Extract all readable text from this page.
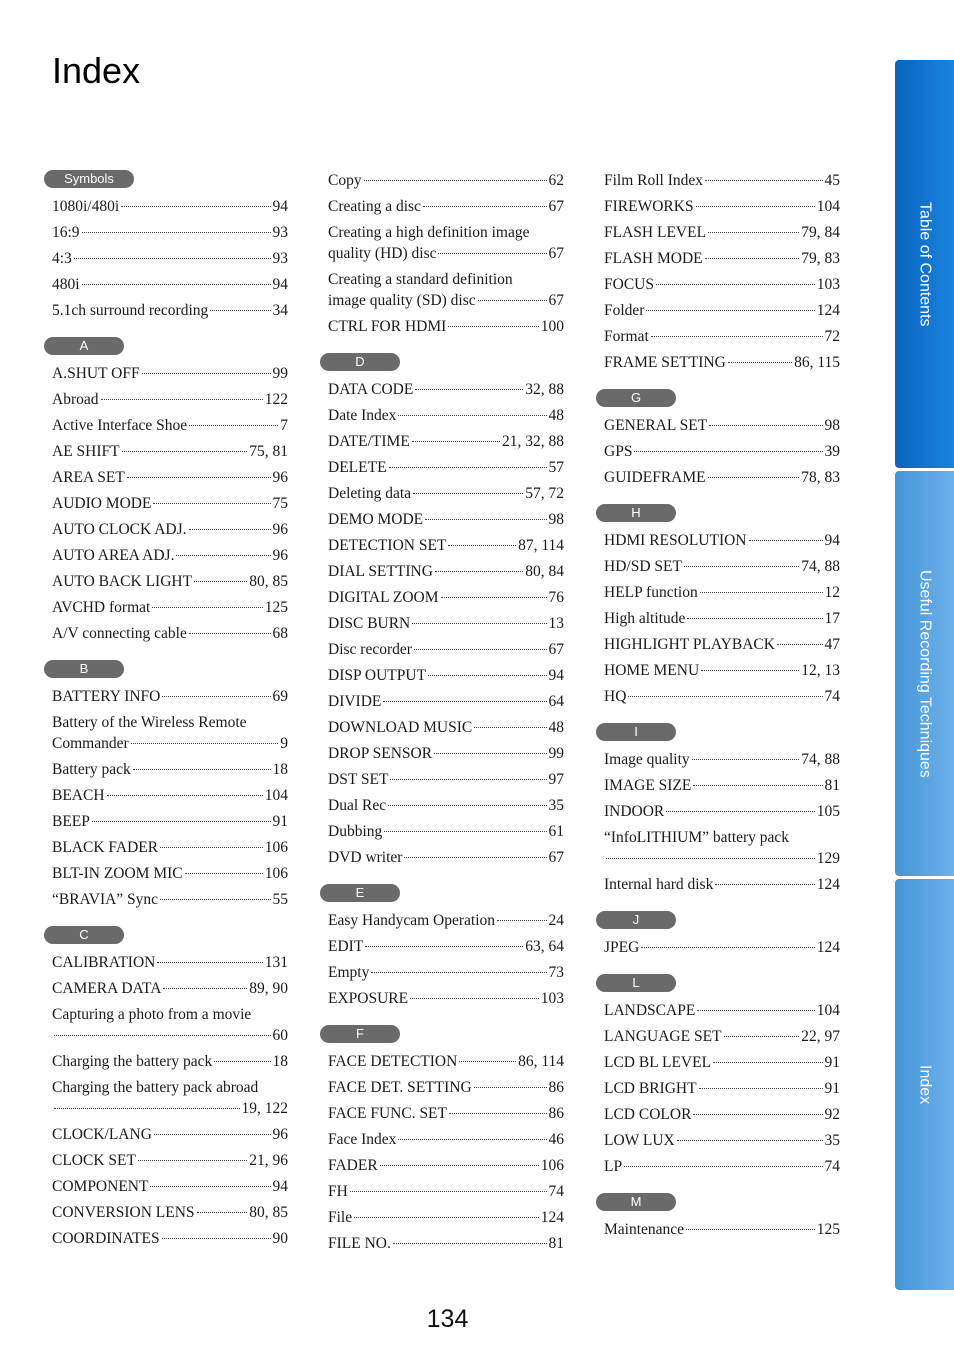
Index
Symbols
1080i/480i	94
16:9	93
4:3	93
480i	94
5.1ch surround recording	34
A
A.SHUT OFF	99
Abroad	122
Active Interface Shoe	7
AE SHIFT	75, 81
AREA SET	96
AUDIO MODE	75
AUTO CLOCK ADJ.	96
AUTO AREA ADJ.	96
AUTO BACK LIGHT	80, 85
AVCHD format	125
A/V connecting cable	68
B
BATTERY INFO	69
Battery of the Wireless Remote
Commander	9
Battery pack	18
BEACH	104
BEEP	91
BLACK FADER	106
BLT-IN ZOOM MIC	106
“BRAVIA” Sync	55
C
CALIBRATION	131
CAMERA DATA	89, 90
Capturing a photo from a movie
60
Charging the battery pack	18
Charging the battery pack abroad
19, 122
CLOCK/LANG	96
CLOCK SET	21, 96
COMPONENT	94
CONVERSION LENS	80, 85
COORDINATES	90
Copy	62
Creating a disc	67
Creating a high definition image
quality (HD) disc	67
Creating a standard definition
image quality (SD) disc	67
CTRL FOR HDMI	100
D
DATA CODE	32, 88
Date Index	48
DATE/TIME	21, 32, 88
DELETE	57
Deleting data	57, 72
DEMO MODE	98
DETECTION SET	87, 114
DIAL SETTING	80, 84
DIGITAL ZOOM	76
DISC BURN	13
Disc recorder	67
DISP OUTPUT	94
DIVIDE	64
DOWNLOAD MUSIC	48
DROP SENSOR	99
DST SET	97
Dual Rec	35
Dubbing	61
DVD writer	67
E
Easy Handycam Operation	24
EDIT	63, 64
Empty	73
EXPOSURE	103
F
FACE DETECTION	86, 114
FACE DET. SETTING	86
FACE FUNC. SET	86
Face Index	46
FADER	106
FH	74
File	124
FILE NO.	81
Film Roll Index	45
FIREWORKS	104
FLASH LEVEL	79, 84
FLASH MODE	79, 83
FOCUS	103
Folder	124
Format	72
FRAME SETTING	86, 115
G
GENERAL SET	98
GPS	39
GUIDEFRAME	78, 83
H
HDMI RESOLUTION	94
HD/SD SET	74, 88
HELP function	12
High altitude	17
HIGHLIGHT PLAYBACK	47
HOME MENU	12, 13
HQ	74
I
Image quality	74, 88
IMAGE SIZE	81
INDOOR	105
“InfoLITHIUM” battery pack
129
Internal hard disk	124
J
JPEG	124
L
LANDSCAPE	104
LANGUAGE SET	22, 97
LCD BL LEVEL	91
LCD BRIGHT	91
LCD COLOR	92
LOW LUX	35
LP	74
M
Maintenance	125
134
Table of Contents
Useful Recording Techniques
Index
